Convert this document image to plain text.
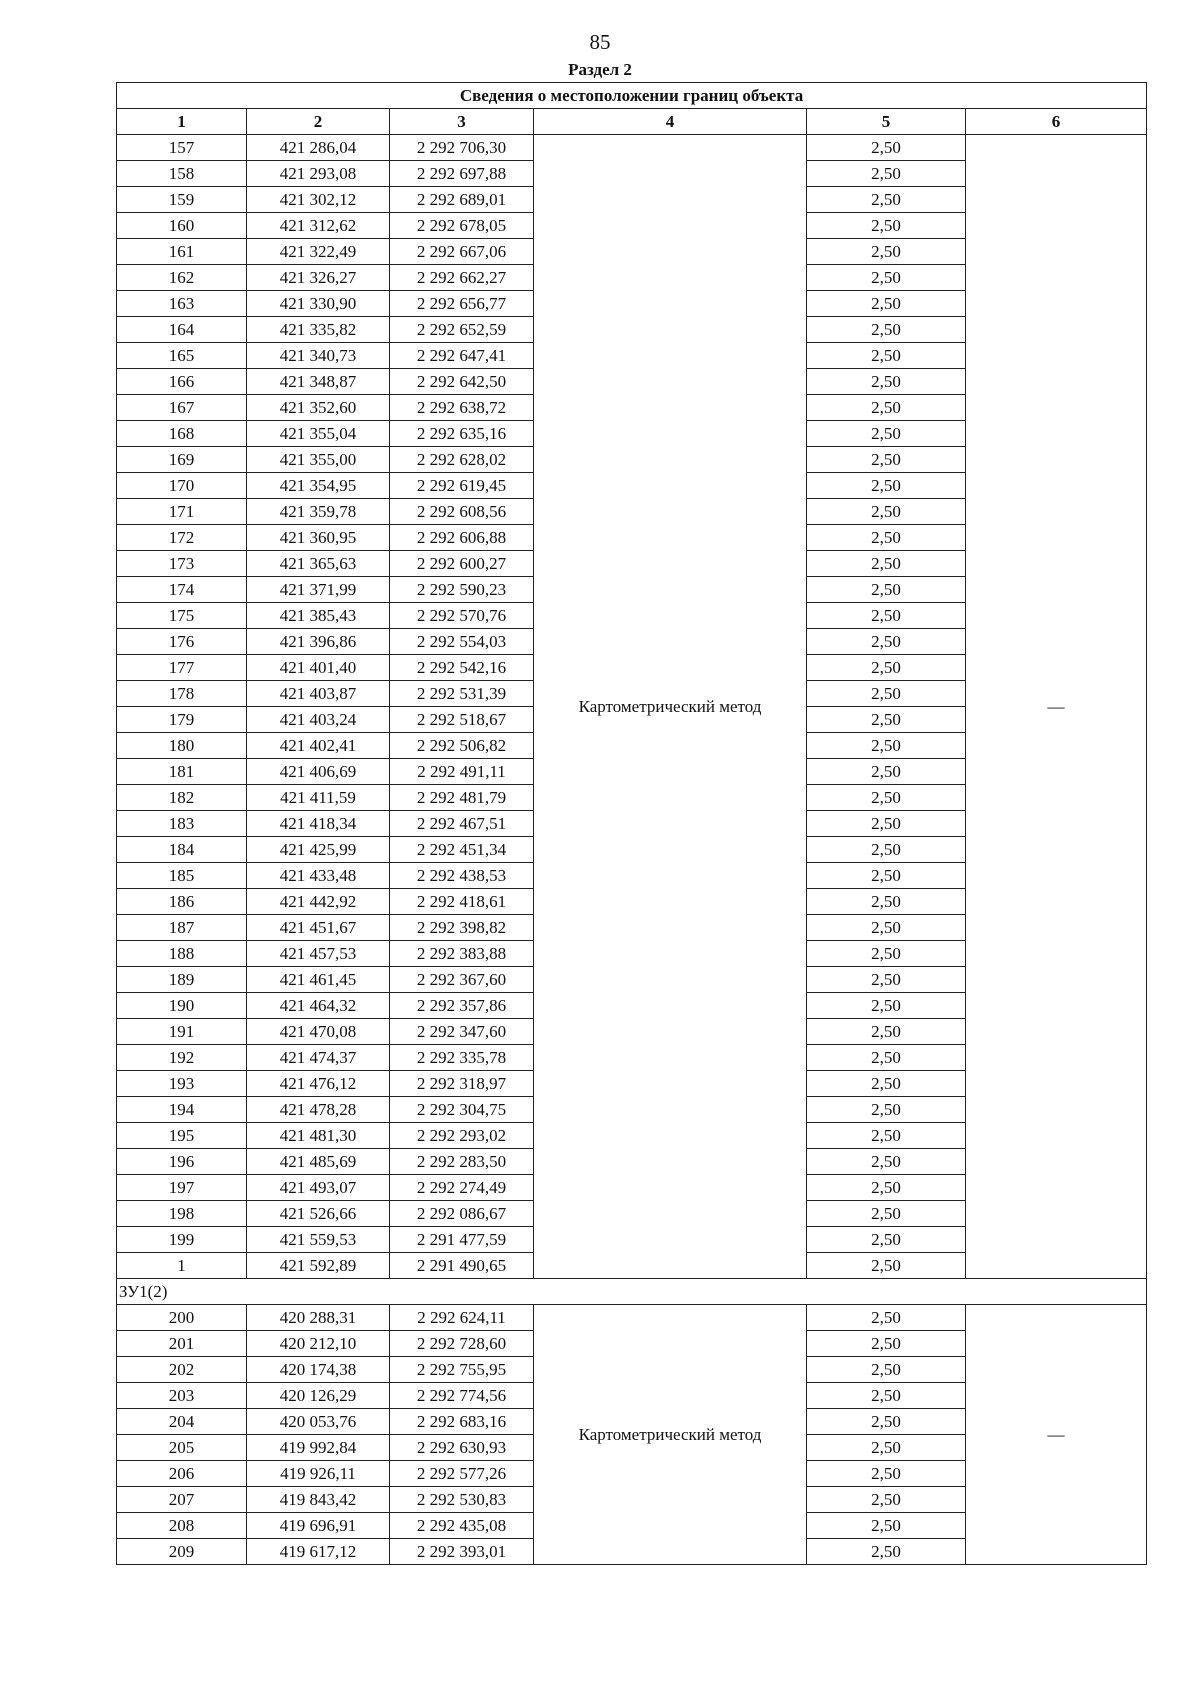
85
Раздел 2
Сведения о местоположении границ объекта					
1	2	3	4	5	6
157	421 286,04	2 292 706,30	Картометрический метод	2,50	—
158	421 293,08	2 292 697,88		2,50	
159	421 302,12	2 292 689,01		2,50	
160	421 312,62	2 292 678,05		2,50	
161	421 322,49	2 292 667,06		2,50	
162	421 326,27	2 292 662,27		2,50	
163	421 330,90	2 292 656,77		2,50	
164	421 335,82	2 292 652,59		2,50	
165	421 340,73	2 292 647,41		2,50	
166	421 348,87	2 292 642,50		2,50	
167	421 352,60	2 292 638,72		2,50	
168	421 355,04	2 292 635,16		2,50	
169	421 355,00	2 292 628,02		2,50	
170	421 354,95	2 292 619,45		2,50	
171	421 359,78	2 292 608,56		2,50	
172	421 360,95	2 292 606,88		2,50	
173	421 365,63	2 292 600,27		2,50	
174	421 371,99	2 292 590,23		2,50	
175	421 385,43	2 292 570,76		2,50	
176	421 396,86	2 292 554,03		2,50	
177	421 401,40	2 292 542,16		2,50	
178	421 403,87	2 292 531,39		2,50	
179	421 403,24	2 292 518,67		2,50	
180	421 402,41	2 292 506,82		2,50	
181	421 406,69	2 292 491,11		2,50	
182	421 411,59	2 292 481,79		2,50	
183	421 418,34	2 292 467,51		2,50	
184	421 425,99	2 292 451,34		2,50	
185	421 433,48	2 292 438,53		2,50	
186	421 442,92	2 292 418,61		2,50	
187	421 451,67	2 292 398,82		2,50	
188	421 457,53	2 292 383,88		2,50	
189	421 461,45	2 292 367,60		2,50	
190	421 464,32	2 292 357,86		2,50	
191	421 470,08	2 292 347,60		2,50	
192	421 474,37	2 292 335,78		2,50	
193	421 476,12	2 292 318,97		2,50	
194	421 478,28	2 292 304,75		2,50	
195	421 481,30	2 292 293,02		2,50	
196	421 485,69	2 292 283,50		2,50	
197	421 493,07	2 292 274,49		2,50	
198	421 526,66	2 292 086,67		2,50	
199	421 559,53	2 291 477,59		2,50	
1	421 592,89	2 291 490,65		2,50	
ЗУ1(2)					
200	420 288,31	2 292 624,11	Картометрический метод	2,50	—
201	420 212,10	2 292 728,60		2,50	
202	420 174,38	2 292 755,95		2,50	
203	420 126,29	2 292 774,56		2,50	
204	420 053,76	2 292 683,16		2,50	
205	419 992,84	2 292 630,93		2,50	
206	419 926,11	2 292 577,26		2,50	
207	419 843,42	2 292 530,83		2,50	
208	419 696,91	2 292 435,08		2,50	
209	419 617,12	2 292 393,01		2,50	
